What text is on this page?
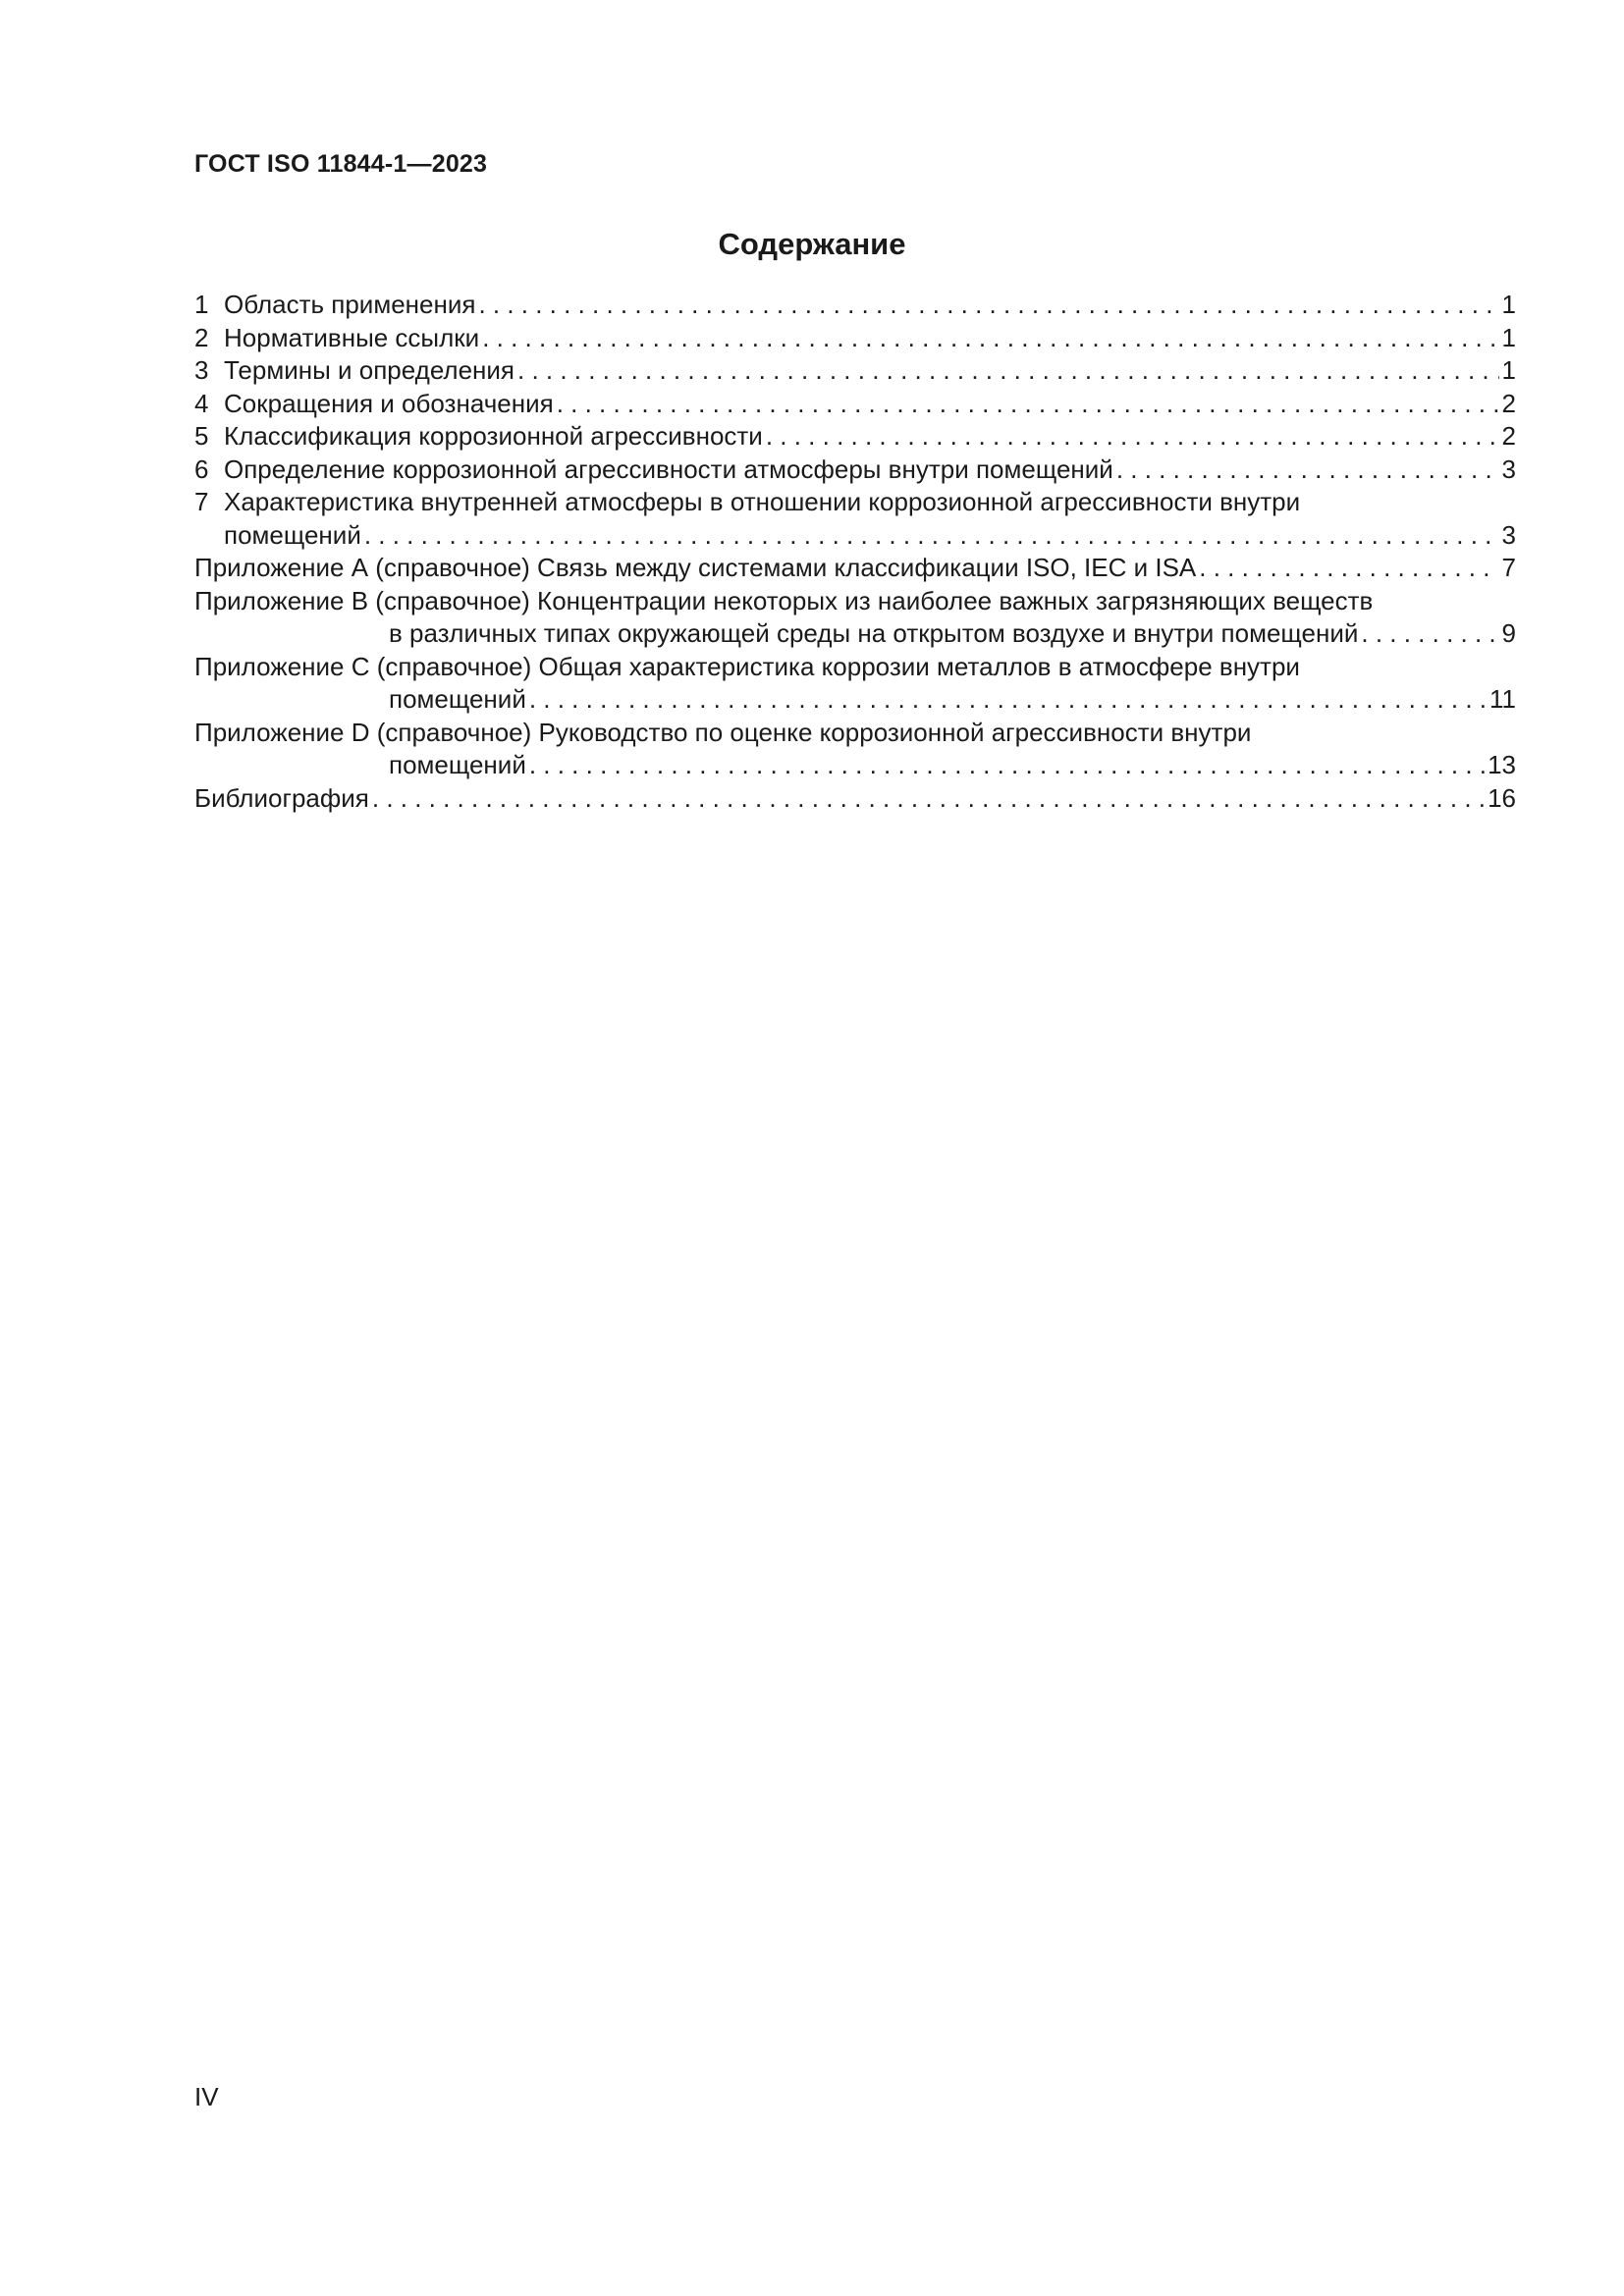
ГОСТ ISO 11844-1—2023
Содержание
1 Область применения . . .	1
2 Нормативные ссылки . . .	1
3 Термины и определения . . .	1
4 Сокращения и обозначения . . .	2
5 Классификация коррозионной агрессивности . . .	2
6 Определение коррозионной агрессивности атмосферы внутри помещений . . .	3
7 Характеристика внутренней атмосферы в отношении коррозионной агрессивности внутри
помещений . . .	3
Приложение А (справочное) Связь между системами классификации ISO, IEC и ISA . . .	7
Приложение В (справочное) Концентрации некоторых из наиболее важных загрязняющих веществ
в различных типах окружающей среды на открытом воздухе и внутри помещений . . .	9
Приложение С (справочное) Общая характеристика коррозии металлов в атмосфере внутри
помещений . . .	11
Приложение D (справочное) Руководство по оценке коррозионной агрессивности внутри
помещений . . .	13
Библиография . . .	16
IV
